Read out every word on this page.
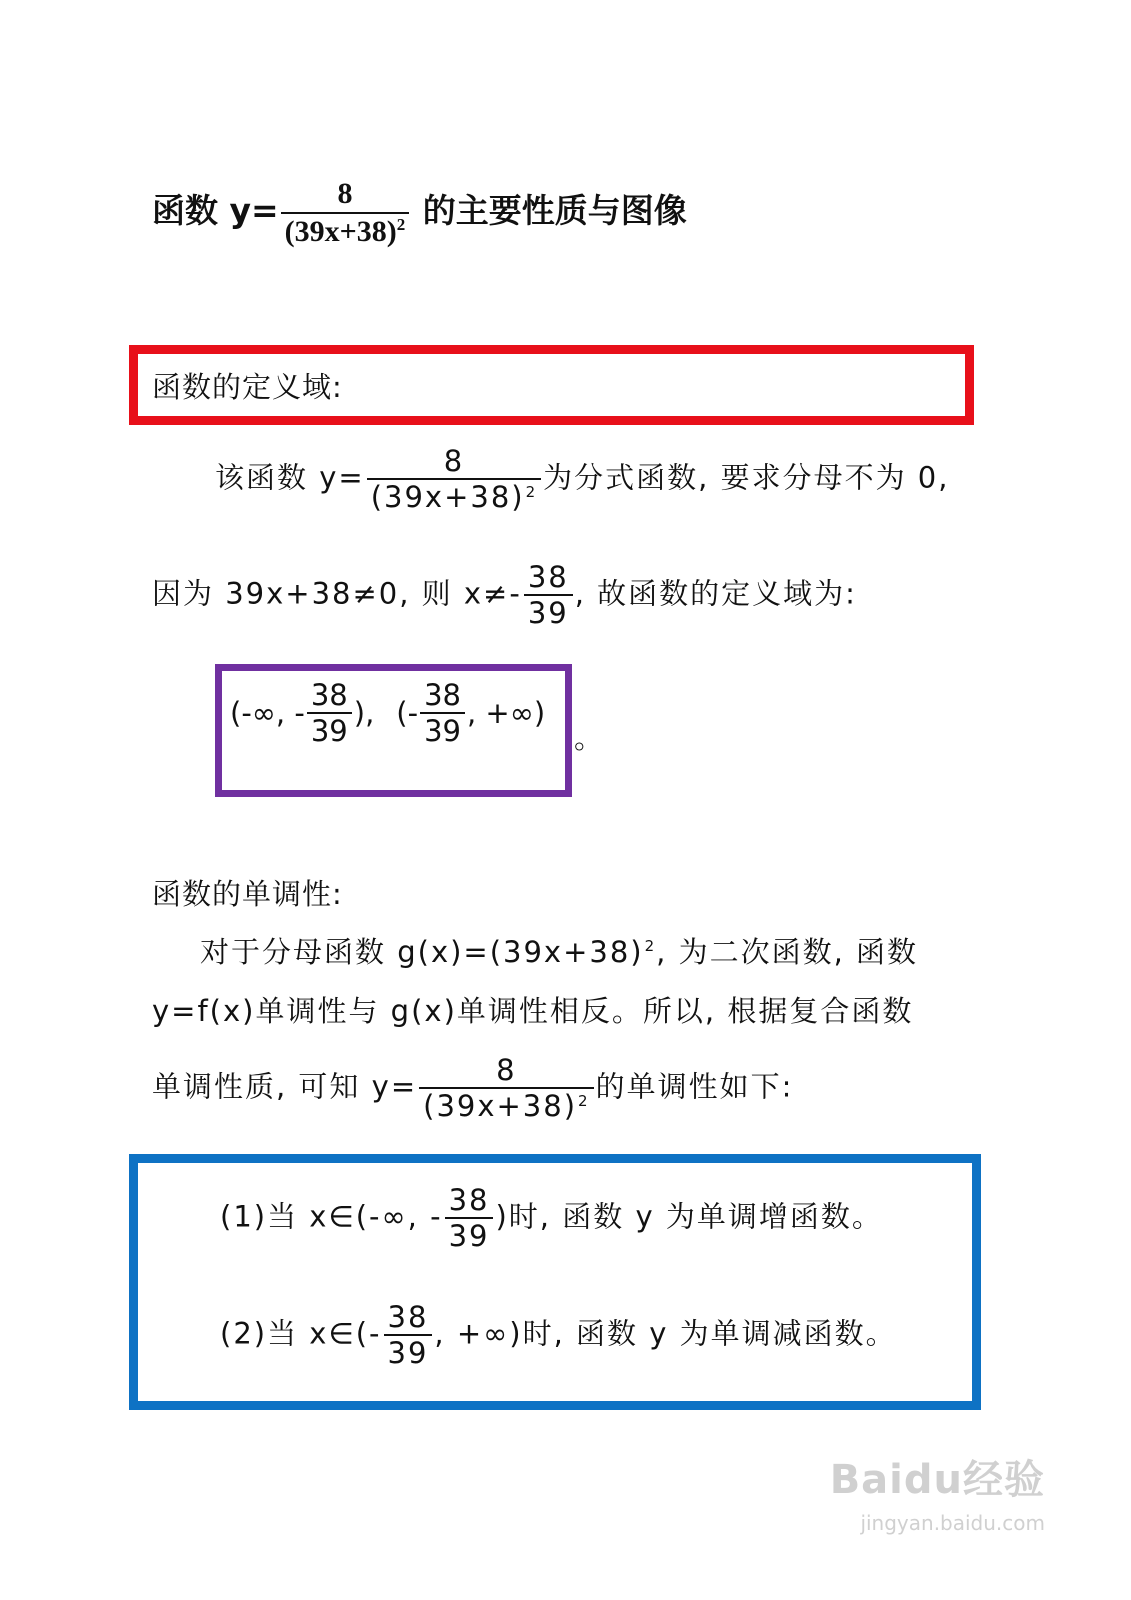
函数 $y= \frac{8}{(39x+38)^2}$ 的主要性质与图像
函数的定义域:
该函数 $y= \frac{8}{(39x+38)^2}$ 为分式函数, 要求分母不为 0,
因为 39x+38≠0, 则 $x\ne- \frac{38}{39}$ , 故函数的定义域为:
(-∞, - $\frac{38}{39}$ ), (- $\frac{38}{39}$ , +∞)
。
函数的单调性:
对于分母函数 $g(x)=(39x+38)^2$, 为二次函数, 函数
y=f(x)单调性与 g(x)单调性相反。所以, 根据复合函数
单调性质, 可知 $y= \frac{8}{(39x+38)^2}$ 的单调性如下:
(1)当 x∈(-∞, - $\frac{38}{39}$ )时, 函数 y 为单调增函数。
(2)当 x∈(- $\frac{38}{39}$ , +∞)时, 函数 y 为单调减函数。
Baidu经验
jingyan.baidu.com
